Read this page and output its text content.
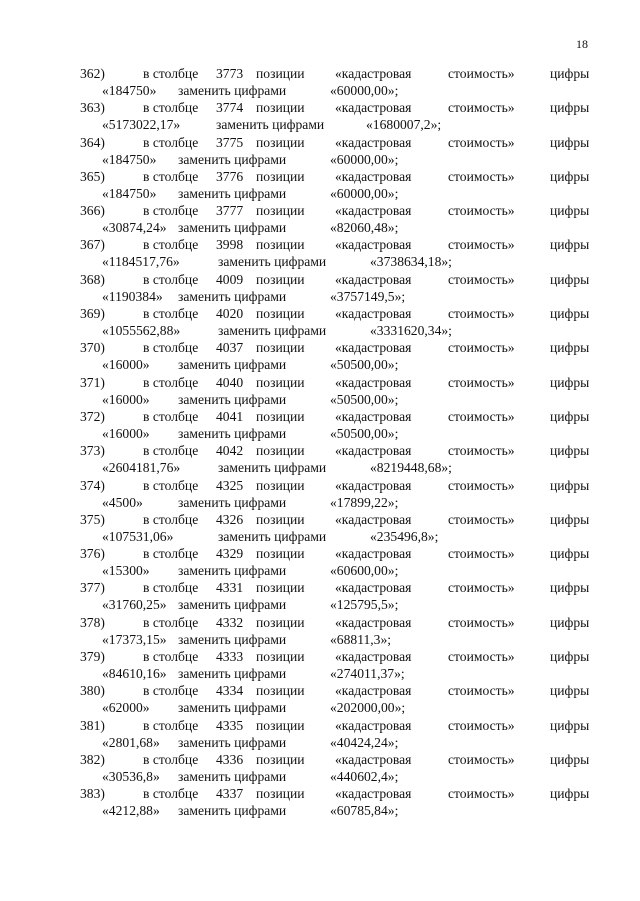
18
362)	в столбце 3773 позиции «кадастровая	стоимость»	цифры
«184750» заменить цифрами	«60000,00»;
363)	в столбце 3774 позиции «кадастровая	стоимость»	цифры
«5173022,17»	заменить цифрами	«1680007,2»;
364)	в столбце 3775 позиции «кадастровая	стоимость»	цифры
«184750» заменить цифрами	«60000,00»;
365)	в столбце 3776 позиции «кадастровая	стоимость»	цифры
«184750» заменить цифрами	«60000,00»;
366)	в столбце 3777 позиции «кадастровая	стоимость»	цифры
«30874,24» заменить цифрами	«82060,48»;
367)	в столбце 3998 позиции «кадастровая	стоимость»	цифры
«1184517,76»	заменить цифрами	«3738634,18»;
368)	в столбце 4009 позиции «кадастровая	стоимость»	цифры
«1190384» заменить цифрами	«3757149,5»;
369)	в столбце 4020 позиции «кадастровая	стоимость»	цифры
«1055562,88»	заменить цифрами	«3331620,34»;
370)	в столбце 4037 позиции «кадастровая	стоимость»	цифры
«16000» заменить цифрами	«50500,00»;
371)	в столбце 4040 позиции «кадастровая	стоимость»	цифры
«16000» заменить цифрами	«50500,00»;
372)	в столбце 4041 позиции «кадастровая	стоимость»	цифры
«16000» заменить цифрами	«50500,00»;
373)	в столбце 4042 позиции «кадастровая	стоимость»	цифры
«2604181,76»	заменить цифрами	«8219448,68»;
374)	в столбце 4325 позиции «кадастровая	стоимость»	цифры
«4500»	заменить цифрами	«17899,22»;
375)	в столбце 4326 позиции «кадастровая	стоимость»	цифры
«107531,06»	заменить цифрами	«235496,8»;
376)	в столбце 4329 позиции «кадастровая	стоимость»	цифры
«15300» заменить цифрами	«60600,00»;
377)	в столбце 4331 позиции «кадастровая	стоимость»	цифры
«31760,25» заменить цифрами	«125795,5»;
378)	в столбце 4332 позиции «кадастровая	стоимость»	цифры
«17373,15» заменить цифрами	«68811,3»;
379)	в столбце 4333 позиции «кадастровая	стоимость»	цифры
«84610,16» заменить цифрами	«274011,37»;
380)	в столбце 4334 позиции «кадастровая	стоимость»	цифры
«62000» заменить цифрами	«202000,00»;
381)	в столбце 4335 позиции «кадастровая	стоимость»	цифры
«2801,68» заменить цифрами	«40424,24»;
382)	в столбце 4336 позиции «кадастровая	стоимость»	цифры
«30536,8» заменить цифрами	«440602,4»;
383)	в столбце 4337 позиции «кадастровая	стоимость»	цифры
«4212,88» заменить цифрами	«60785,84»;
